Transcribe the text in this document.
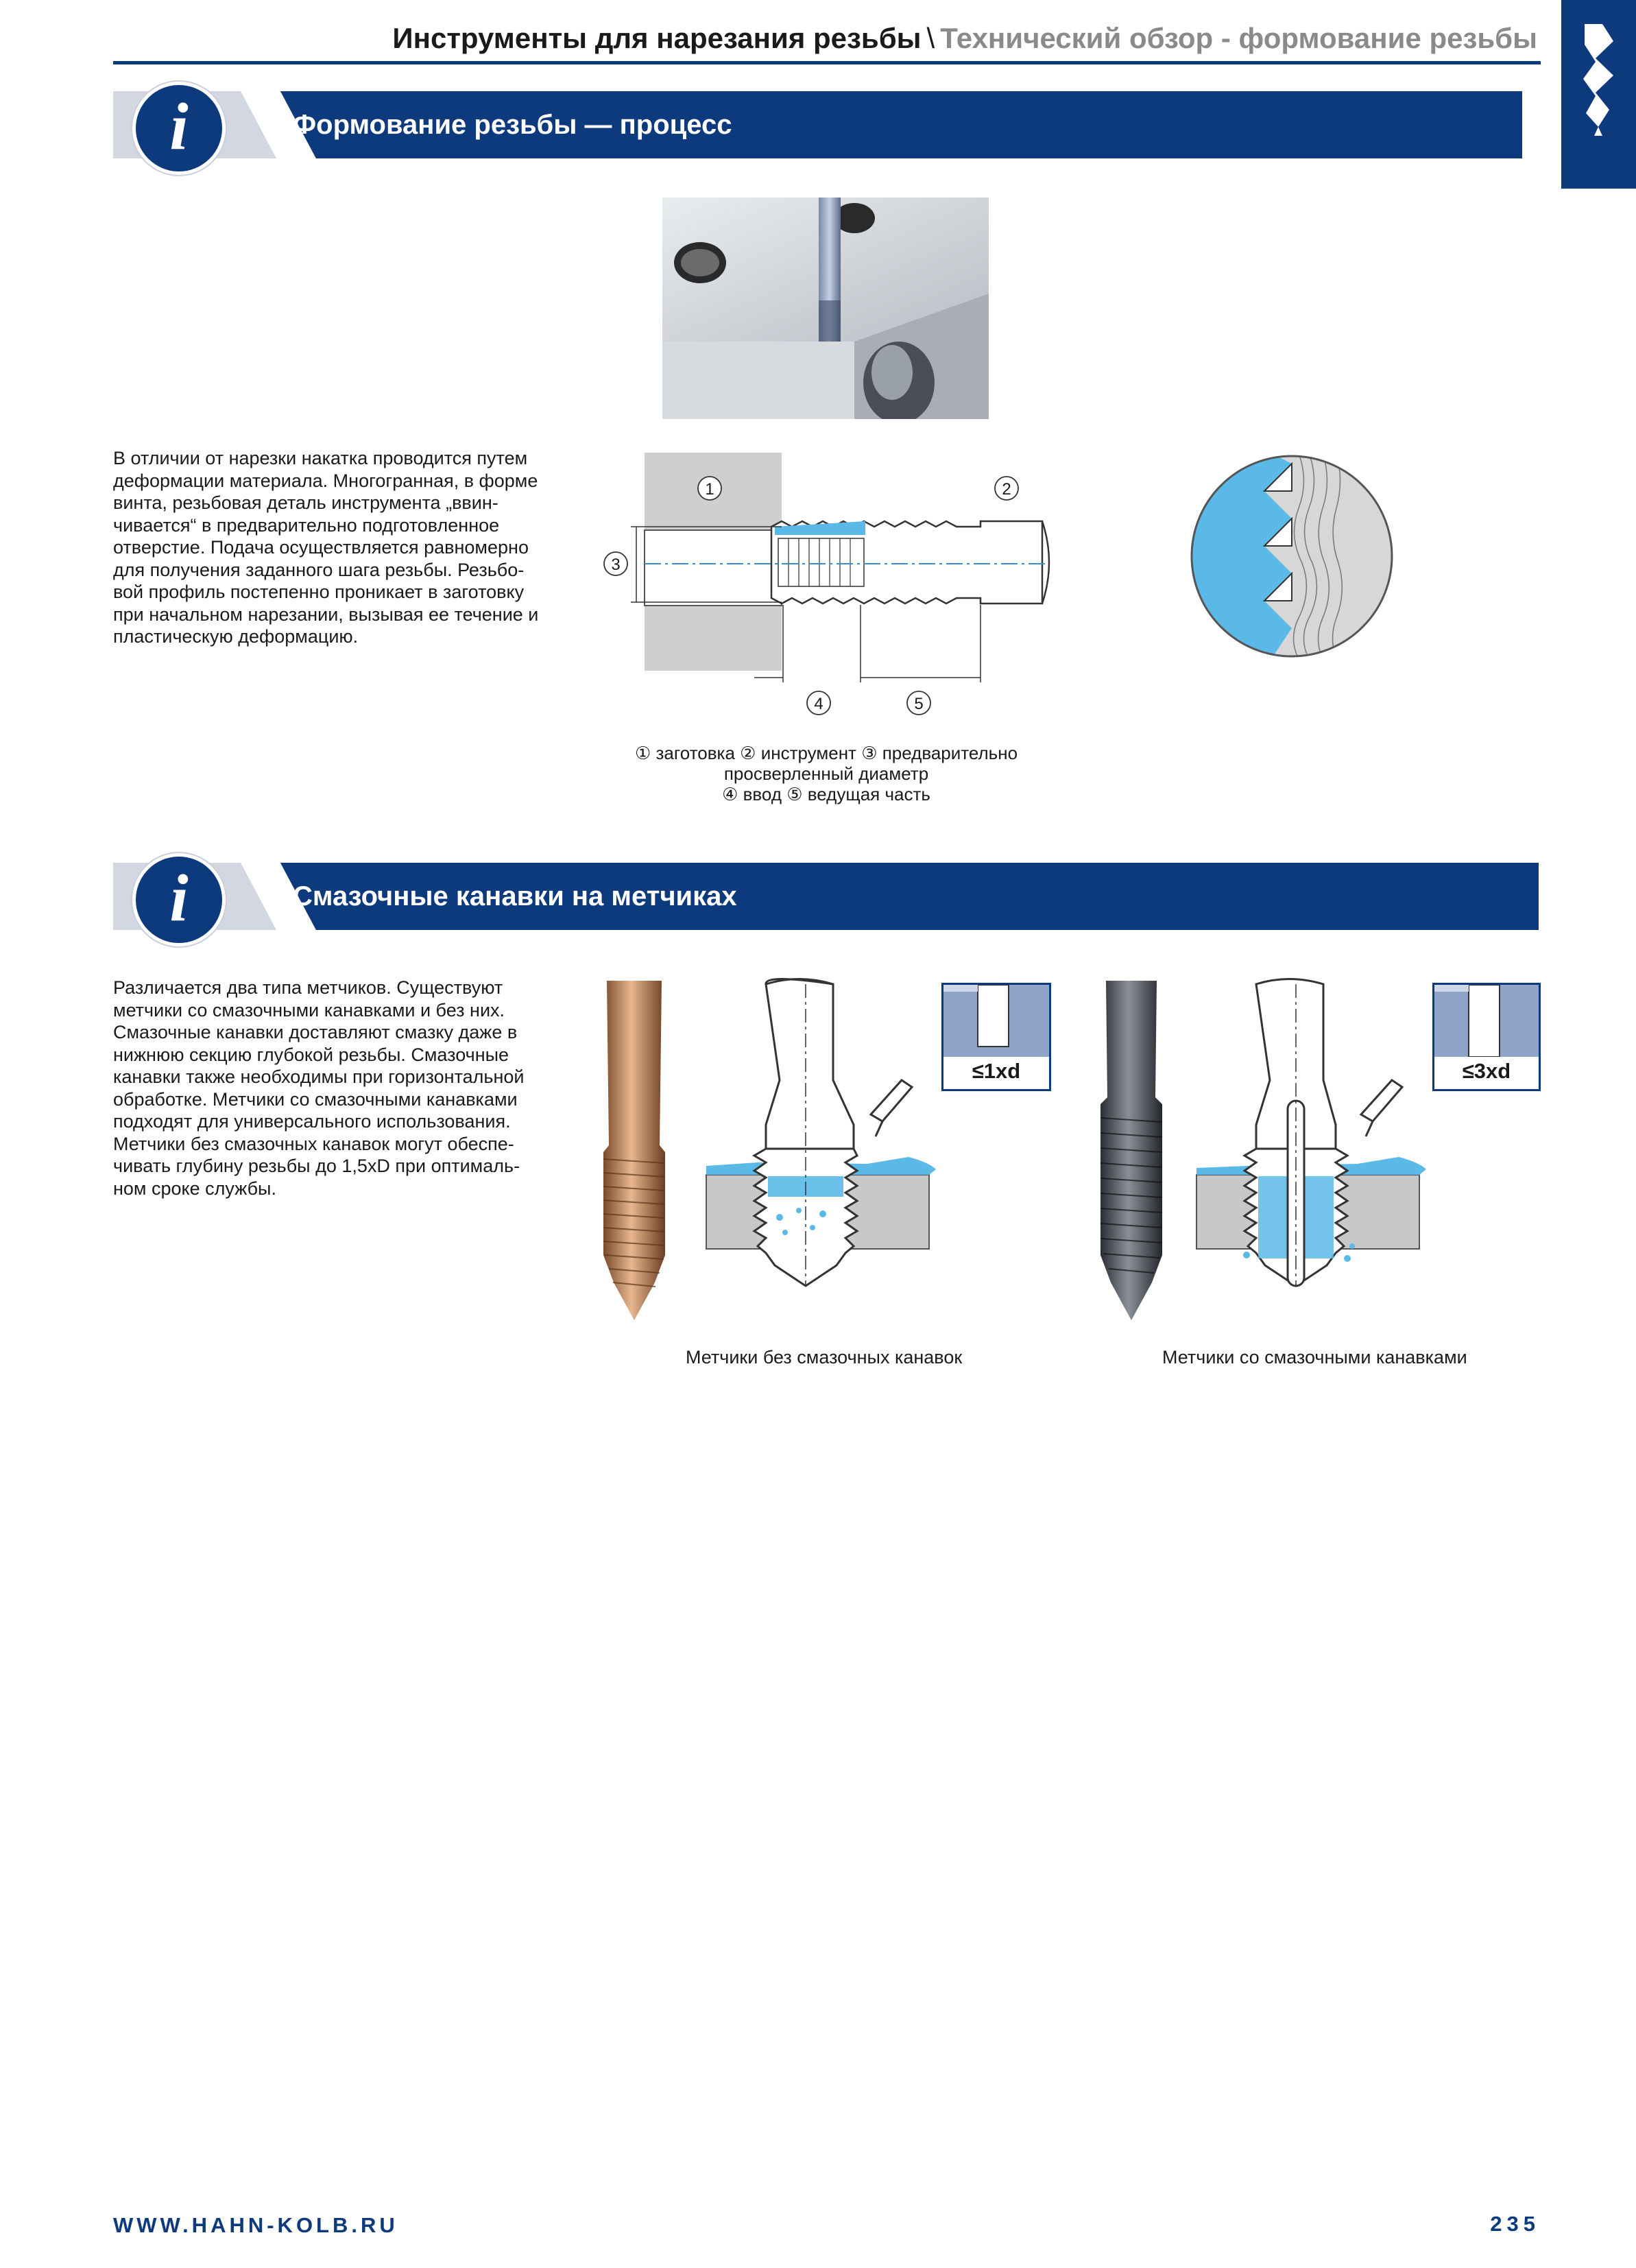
Инструменты для нарезания резьбы \ Технический обзор - формование резьбы
i	Формование резьбы — процесс
В отличии от нарезки накатка проводится путем
деформации материала. Многогранная, в форме
винта, резьбовая деталь инструмента „ввин-
чивается“ в предварительно подготовленное
отверстие. Подача осуществляется равномерно
для получения заданного шага резьбы. Резьбо-
вой профиль постепенно проникает в заготовку
при начальном нарезании, вызывая ее течение и
пластическую деформацию.
1	2
3
4	5
① заготовка ② инструмент ③ предварительно
просверленный диаметр
④ ввод ⑤ ведущая часть
i	Смазочные канавки на метчиках
Различается два типа метчиков. Существуют
метчики со смазочными канавками и без них.
Смазочные канавки доставляют смазку даже в
нижнюю секцию глубокой резьбы. Смазочные
канавки также необходимы при горизонтальной
обработке. Метчики со смазочными канавками
подходят для универсального использования.
Метчики без смазочных канавок могут обеспе-
чивать глубину резьбы до 1,5xD при оптималь-
ном сроке службы.
≤1xd	≤3xd
Метчики без смазочных канавок	Метчики со смазочными канавками
WWW.HAHN-KOLB.RU	235
